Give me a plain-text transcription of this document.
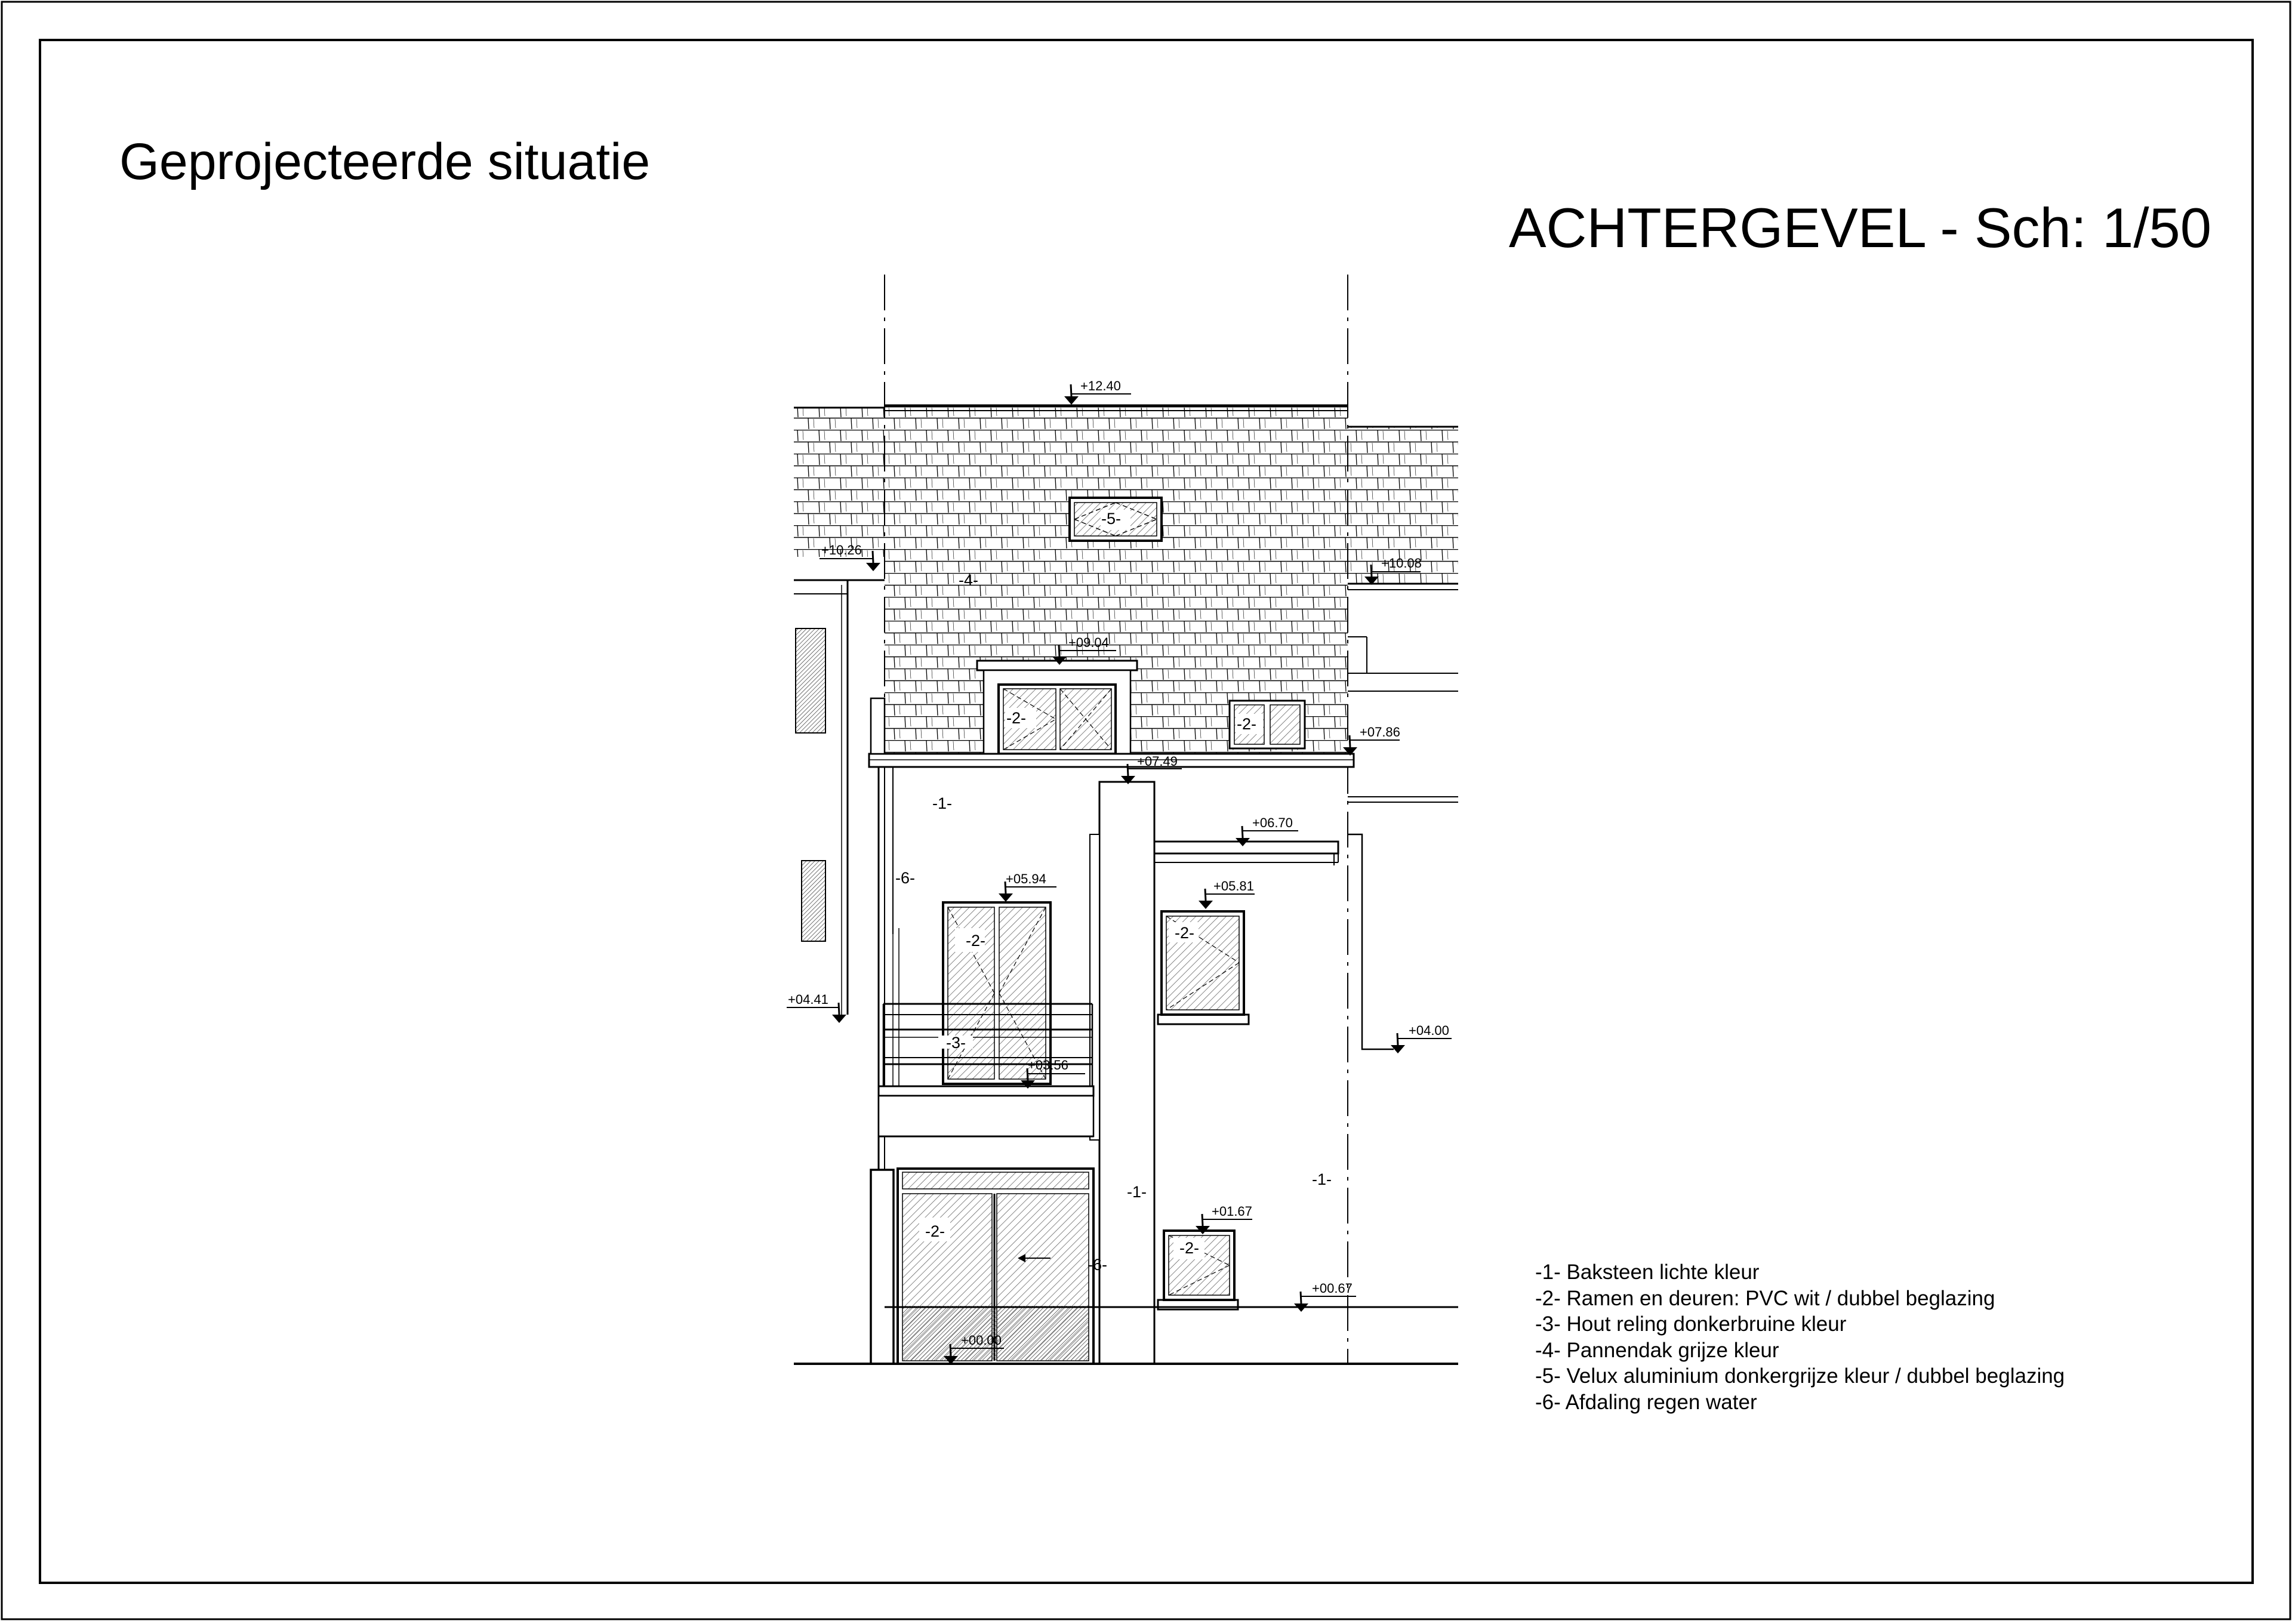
+12.40
+10.26
+10.08
+09.04
+07.86
+07.49
+06.70
+05.94	+05.81
+04.41
+04.00
+03.56
+01.67
+00.67
+00.00
-5-
-4-
-2-	-2-
-1-
-6-
-2-	-2-
-3-
-1-
-1-
-2-
-6-
-2-
Geprojecteerde situatie
ACHTERGEVEL - Sch: 1/50
-1- Baksteen lichte kleur
-2- Ramen en deuren: PVC wit / dubbel beglazing
-3- Hout reling donkerbruine kleur
-4- Pannendak grijze kleur
-5- Velux aluminium donkergrijze kleur / dubbel beglazing
-6- Afdaling regen water
